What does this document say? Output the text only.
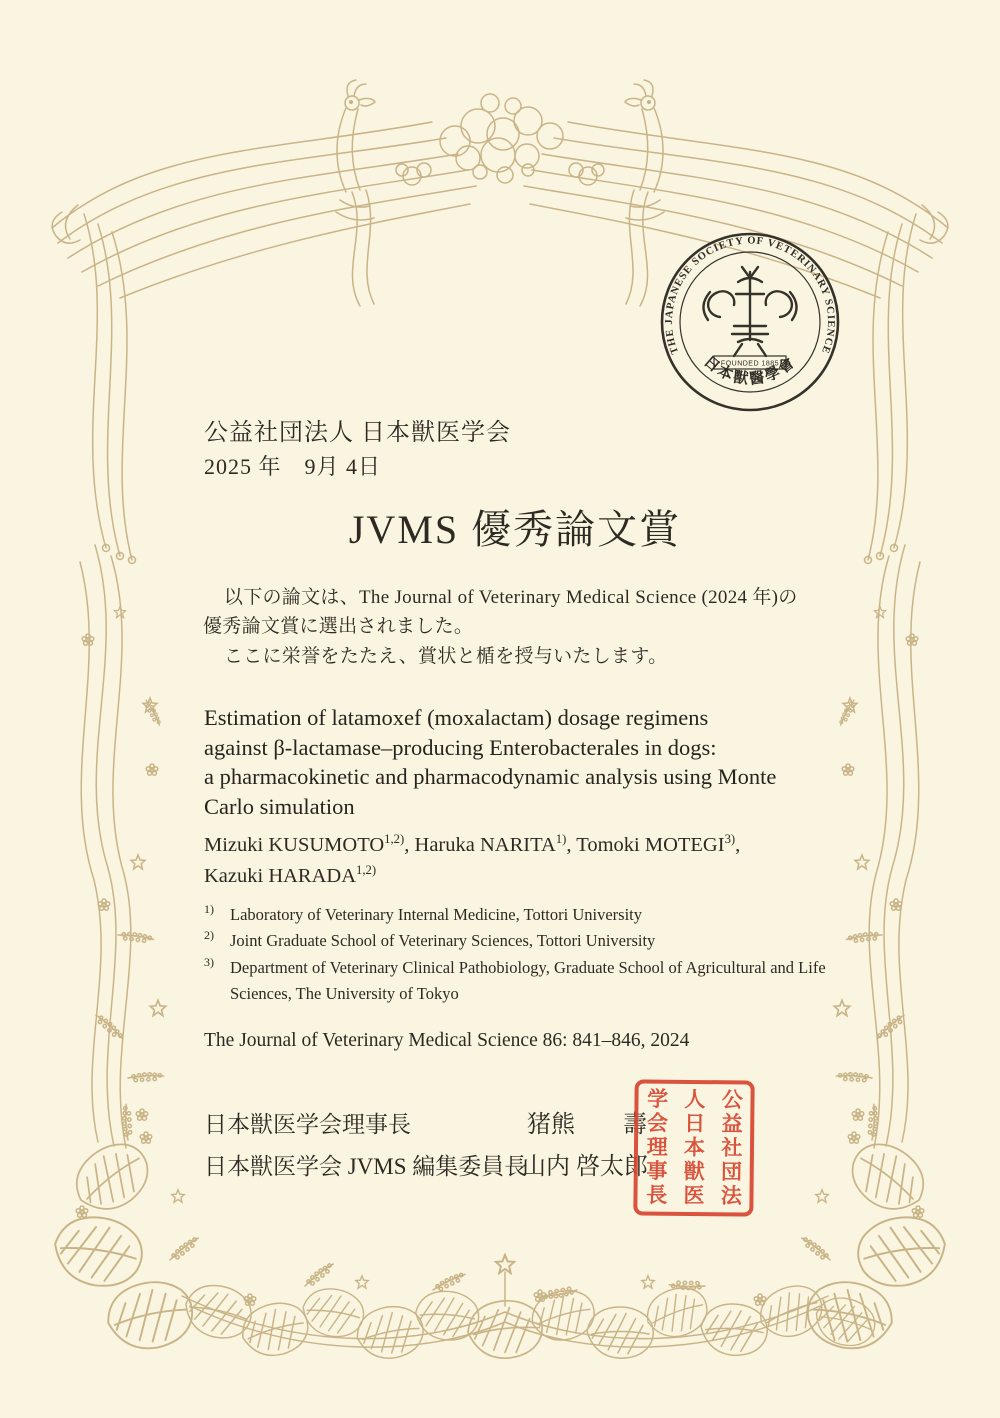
THE JAPANESE SOCIETY OF VETERINARY SCIENCE
日本獸醫學會
FOUNDED 1885
公益社団法人 日本獣医学会
2025 年　9月 4日
JVMS 優秀論文賞
以下の論文は、The Journal of Veterinary Medical Science (2024 年)の
優秀論文賞に選出されました。
ここに栄誉をたたえ、賞状と楯を授与いたします。
Estimation of latamoxef (moxalactam) dosage regimens
against β-lactamase–producing Enterobacterales in dogs:
a pharmacokinetic and pharmacodynamic analysis using Monte
Carlo simulation
Mizuki KUSUMOTO$^{1,2)}$, Haruka NARITA$^{1)}$, Tomoki MOTEGI$^{3)}$,
Kazuki HARADA$^{1,2)}$
1) Laboratory of Veterinary Internal Medicine, Tottori University
2) Joint Graduate School of Veterinary Sciences, Tottori University
3) Department of Veterinary Clinical Pathobiology, Graduate School of Agricultural and Life Sciences, The University of Tokyo
The Journal of Veterinary Medical Science 86: 841–846, 2024
日本獣医学会理事長	猪熊　　壽
日本獣医学会 JVMS 編集委員長
山内 啓太郎	公益社団法
人日本獣医
学会理事長
